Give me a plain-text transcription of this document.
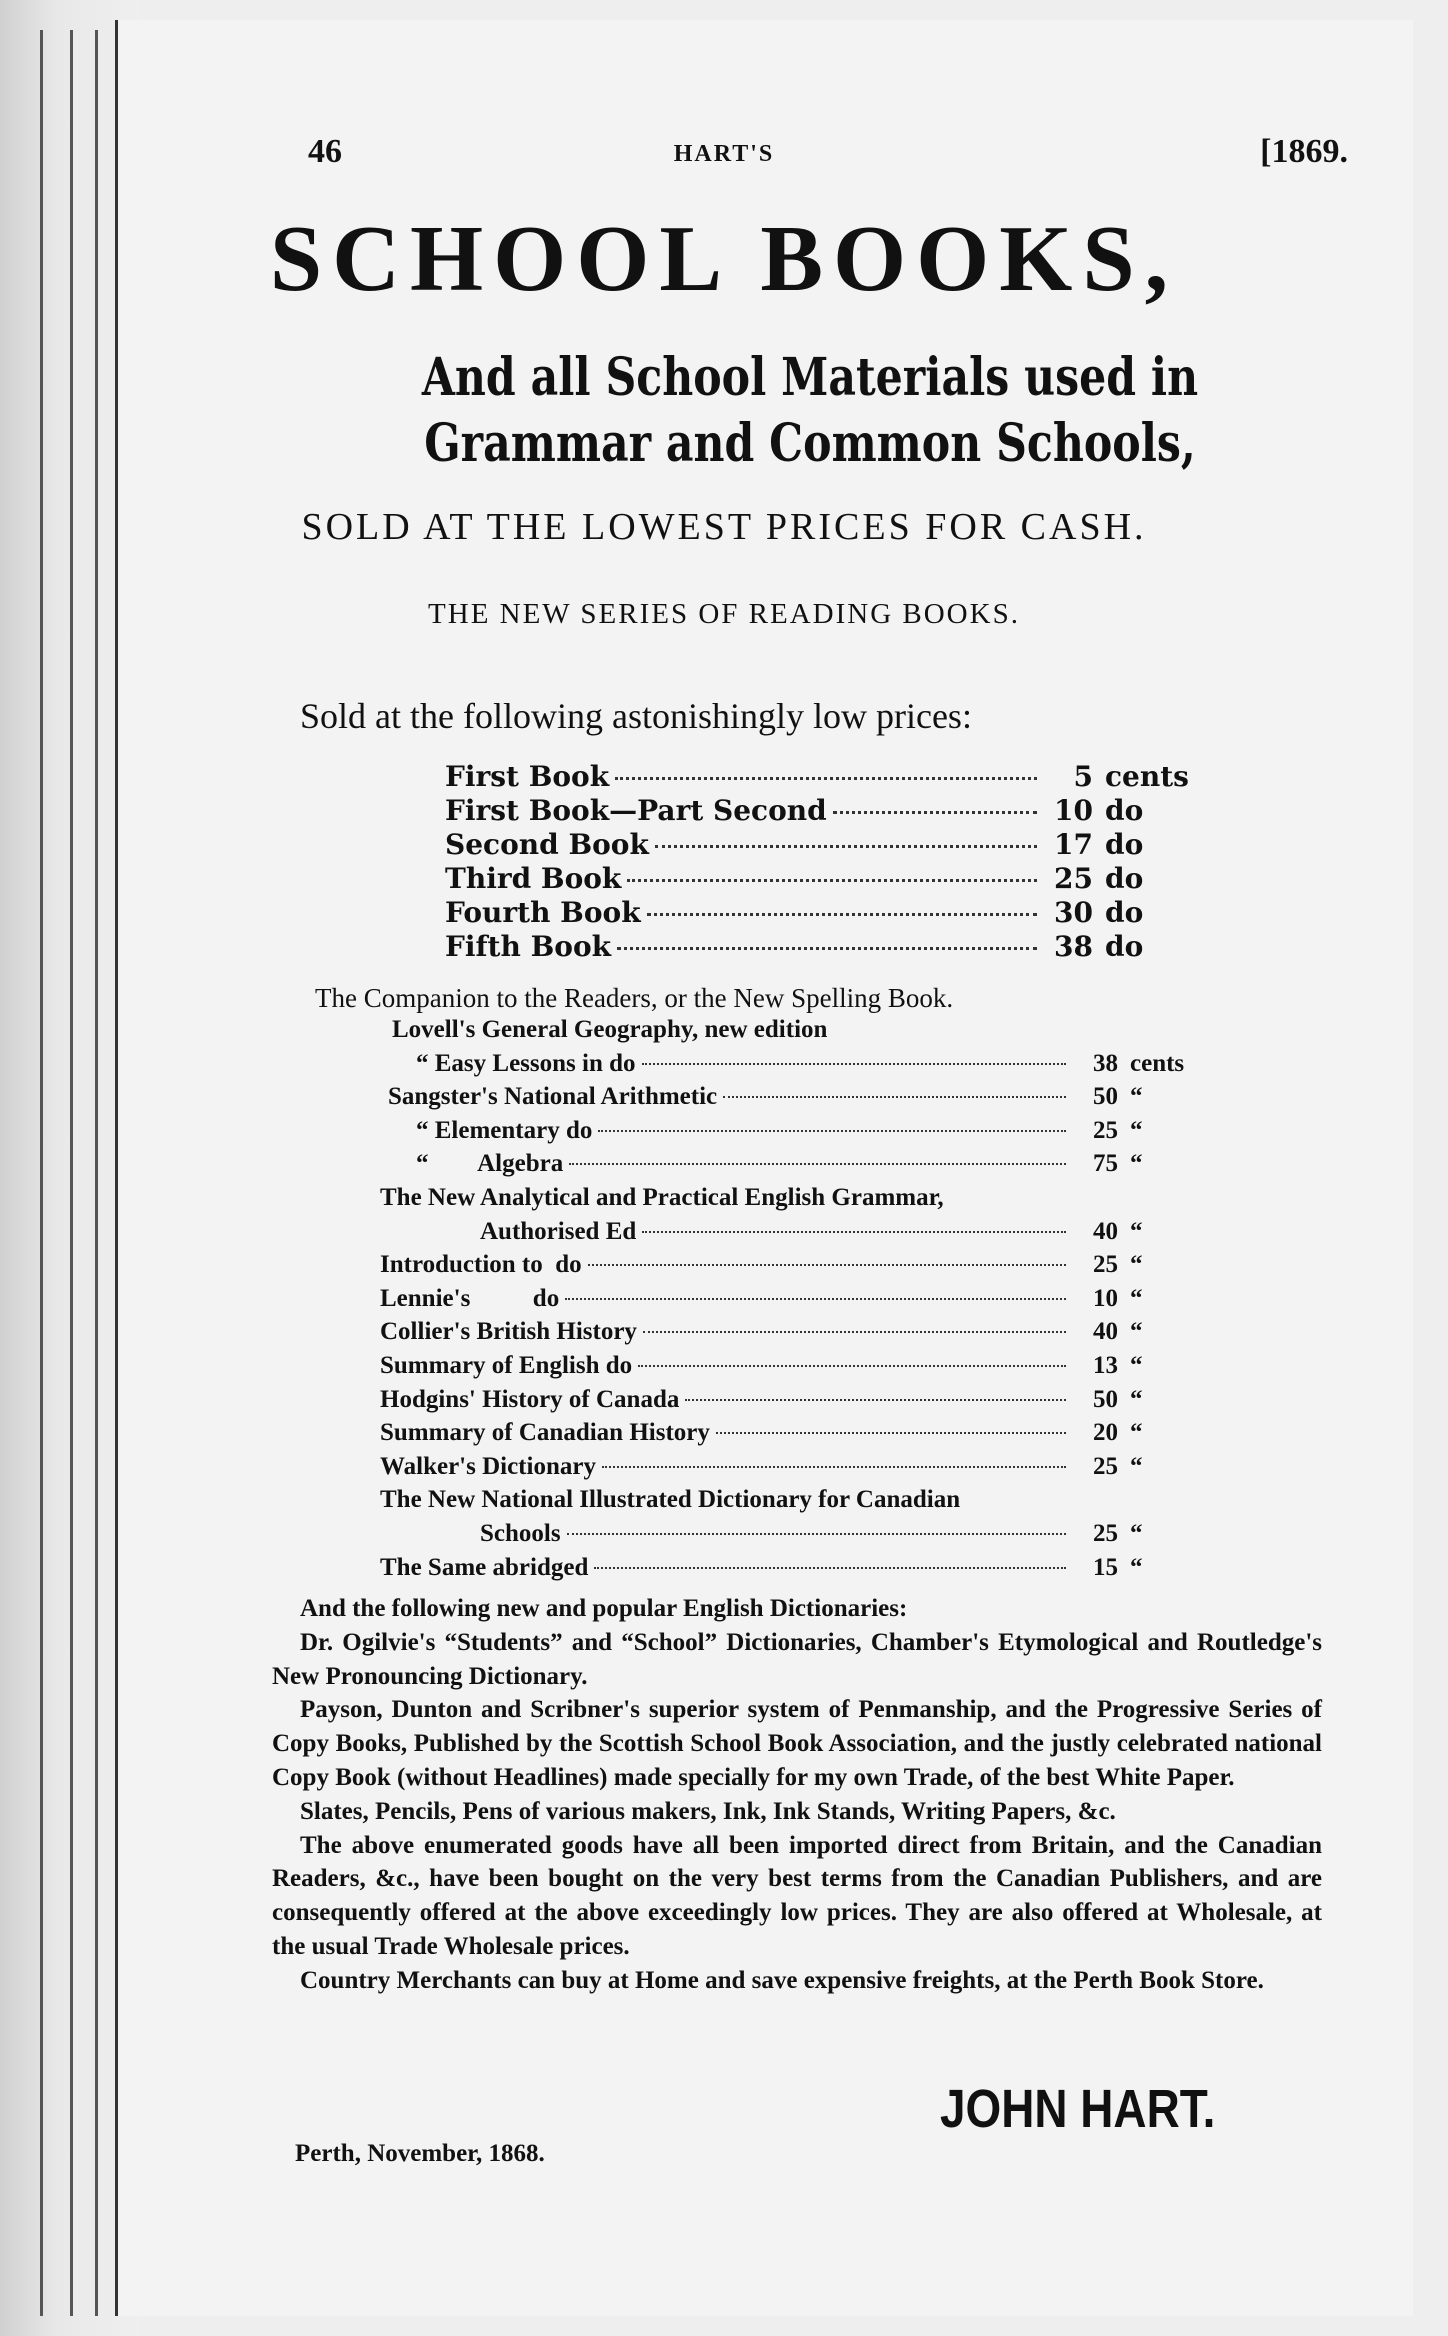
46	HART'S	[1869.
SCHOOL BOOKS,
And all School Materials used in Grammar and Common Schools,
SOLD AT THE LOWEST PRICES FOR CASH.
THE NEW SERIES OF READING BOOKS.
Sold at the following astonishingly low prices:
First Book	5 cents
First Book—Part Second	10 do
Second Book	17 do
Third Book	25 do
Fourth Book	30 do
Fifth Book	38 do
The Companion to the Readers, or the New Spelling Book.
Lovell's General Geography, new edition
“ Easy Lessons in do	38 cents
Sangster's National Arithmetic	50 “
“ Elementary do	25 “
“        Algebra	75 “
The New Analytical and Practical English Grammar,
Authorised Ed	40 “
Introduction to  do	25 “
Lennie's          do	10 “
Collier's British History	40 “
Summary of English do	13 “
Hodgins' History of Canada	50 “
Summary of Canadian History	20 “
Walker's Dictionary	25 “
The New National Illustrated Dictionary for Canadian
Schools	25 “
The Same abridged	15 “

And the following new and popular English Dictionaries:

Dr. Ogilvie's “Students” and “School” Dictionaries, Chamber's Etymological and Routledge's New Pronouncing Dictionary.

Payson, Dunton and Scribner's superior system of Penmanship, and the Progressive Series of Copy Books, Published by the Scottish School Book Association, and the justly celebrated national Copy Book (without Headlines) made specially for my own Trade, of the best White Paper.

Slates, Pencils, Pens of various makers, Ink, Ink Stands, Writing Papers, &c.

The above enumerated goods have all been imported direct from Britain, and the Canadian Readers, &c., have been bought on the very best terms from the Canadian Publishers, and are consequently offered at the above exceedingly low prices. They are also offered at Wholesale, at the usual Trade Wholesale prices.

Country Merchants can buy at Home and save expensive freights, at the Perth Book Store.

JOHN HART.
Perth, November, 1868.
